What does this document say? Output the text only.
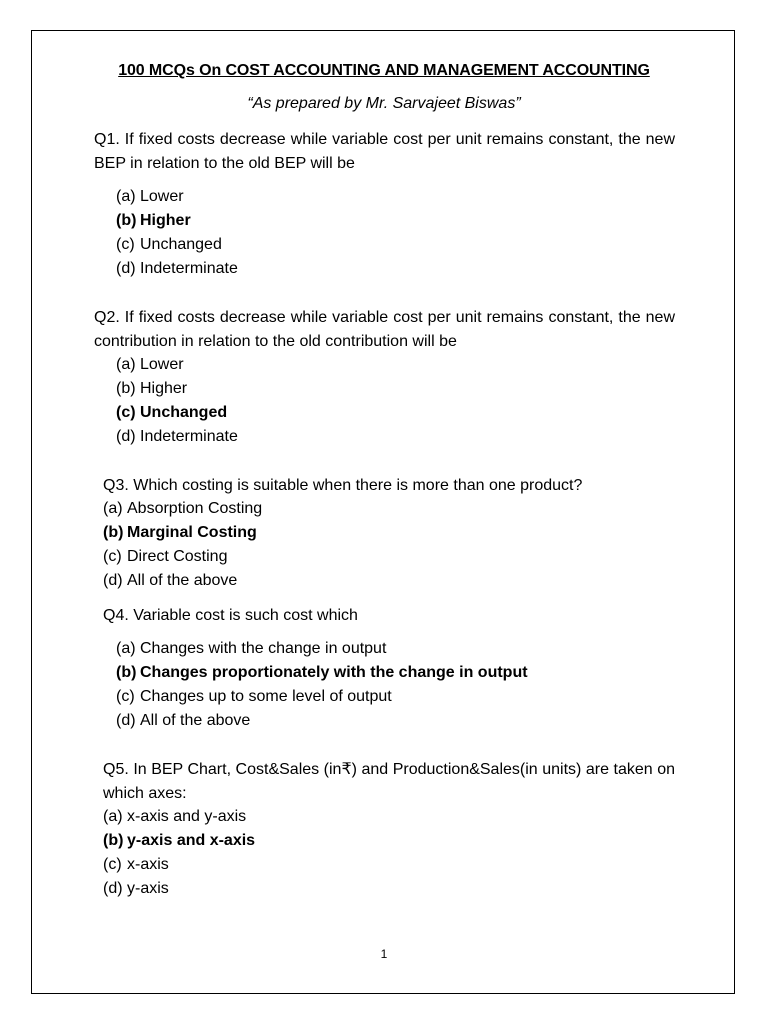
100 MCQs On COST ACCOUNTING AND MANAGEMENT ACCOUNTING
“As prepared by Mr. Sarvajeet Biswas”
Q1. If fixed costs decrease while variable cost per unit remains constant, the new BEP in relation to the old BEP will be
(a) Lower
(b) Higher
(c) Unchanged
(d) Indeterminate
Q2. If fixed costs decrease while variable cost per unit remains constant, the new contribution in relation to the old contribution will be
(a) Lower
(b) Higher
(c) Unchanged
(d) Indeterminate
Q3. Which costing is suitable when there is more than one product?
(a) Absorption Costing
(b) Marginal Costing
(c) Direct Costing
(d) All of the above
Q4. Variable cost is such cost which
(a) Changes with the change in output
(b) Changes proportionately with the change in output
(c) Changes up to some level of output
(d) All of the above
Q5. In BEP Chart, Cost&Sales (in₹) and Production&Sales(in units) are taken on which axes:
(a) x-axis and y-axis
(b) y-axis and x-axis
(c) x-axis
(d) y-axis
1
